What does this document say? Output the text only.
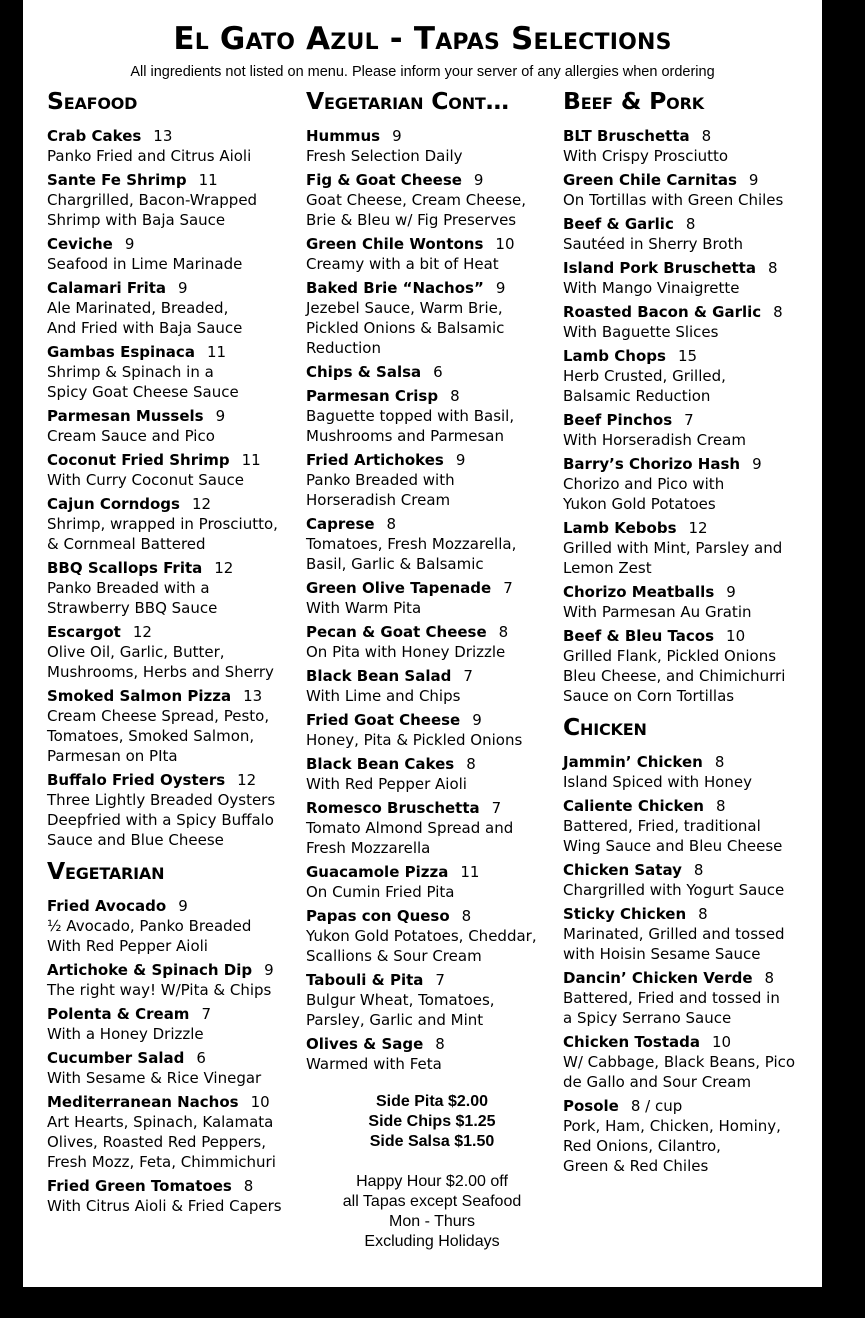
El Gato Azul - Tapas Selections
All ingredients not listed on menu. Please inform your server of any allergies when ordering
Seafood
Crab Cakes 13
Panko Fried and Citrus Aioli
Sante Fe Shrimp 11
Chargrilled, Bacon-Wrapped
Shrimp with Baja Sauce
Ceviche 9
Seafood in Lime Marinade
Calamari Frita 9
Ale Marinated, Breaded,
And Fried with Baja Sauce
Gambas Espinaca 11
Shrimp & Spinach in a
Spicy Goat Cheese Sauce
Parmesan Mussels 9
Cream Sauce and Pico
Coconut Fried Shrimp 11
With Curry Coconut Sauce
Cajun Corndogs 12
Shrimp, wrapped in Prosciutto,
& Cornmeal Battered
BBQ Scallops Frita 12
Panko Breaded with a
Strawberry BBQ Sauce
Escargot 12
Olive Oil, Garlic, Butter,
Mushrooms, Herbs and Sherry
Smoked Salmon Pizza 13
Cream Cheese Spread, Pesto,
Tomatoes, Smoked Salmon,
Parmesan on PIta
Buffalo Fried Oysters 12
Three Lightly Breaded Oysters
Deepfried with a Spicy Buffalo
Sauce and Blue Cheese
Vegetarian
Fried Avocado 9
½ Avocado, Panko Breaded
With Red Pepper Aioli
Artichoke & Spinach Dip 9
The right way! W/Pita & Chips
Polenta & Cream 7
With a Honey Drizzle
Cucumber Salad 6
With Sesame & Rice Vinegar
Mediterranean Nachos 10
Art Hearts, Spinach, Kalamata
Olives, Roasted Red Peppers,
Fresh Mozz, Feta, Chimmichuri
Fried Green Tomatoes 8
With Citrus Aioli & Fried Capers
Vegetarian Cont…
Hummus 9
Fresh Selection Daily
Fig & Goat Cheese 9
Goat Cheese, Cream Cheese,
Brie & Bleu w/ Fig Preserves
Green Chile Wontons 10
Creamy with a bit of Heat
Baked Brie “Nachos” 9
Jezebel Sauce, Warm Brie,
Pickled Onions & Balsamic
Reduction
Chips & Salsa 6
Parmesan Crisp 8
Baguette topped with Basil,
Mushrooms and Parmesan
Fried Artichokes 9
Panko Breaded with
Horseradish Cream
Caprese 8
Tomatoes, Fresh Mozzarella,
Basil, Garlic & Balsamic
Green Olive Tapenade 7
With Warm Pita
Pecan & Goat Cheese 8
On Pita with Honey Drizzle
Black Bean Salad 7
With Lime and Chips
Fried Goat Cheese 9
Honey, Pita & Pickled Onions
Black Bean Cakes 8
With Red Pepper Aioli
Romesco Bruschetta 7
Tomato Almond Spread and
Fresh Mozzarella
Guacamole Pizza 11
On Cumin Fried Pita
Papas con Queso 8
Yukon Gold Potatoes, Cheddar,
Scallions & Sour Cream
Tabouli & Pita 7
Bulgur Wheat, Tomatoes,
Parsley, Garlic and Mint
Olives & Sage 8
Warmed with Feta
Side Pita $2.00
Side Chips $1.25
Side Salsa $1.50
Happy Hour $2.00 off
all Tapas except Seafood
Mon - Thurs
Excluding Holidays
Beef & Pork
BLT Bruschetta 8
With Crispy Prosciutto
Green Chile Carnitas 9
On Tortillas with Green Chiles
Beef & Garlic 8
Sautéed in Sherry Broth
Island Pork Bruschetta 8
With Mango Vinaigrette
Roasted Bacon & Garlic 8
With Baguette Slices
Lamb Chops 15
Herb Crusted, Grilled,
Balsamic Reduction
Beef Pinchos 7
With Horseradish Cream
Barry’s Chorizo Hash 9
Chorizo and Pico with
Yukon Gold Potatoes
Lamb Kebobs 12
Grilled with Mint, Parsley and
Lemon Zest
Chorizo Meatballs 9
With Parmesan Au Gratin
Beef & Bleu Tacos 10
Grilled Flank, Pickled Onions
Bleu Cheese, and Chimichurri
Sauce on Corn Tortillas
Chicken
Jammin’ Chicken 8
Island Spiced with Honey
Caliente Chicken 8
Battered, Fried, traditional
Wing Sauce and Bleu Cheese
Chicken Satay 8
Chargrilled with Yogurt Sauce
Sticky Chicken 8
Marinated, Grilled and tossed
with Hoisin Sesame Sauce
Dancin’ Chicken Verde 8
Battered, Fried and tossed in
a Spicy Serrano Sauce
Chicken Tostada 10
W/ Cabbage, Black Beans, Pico
de Gallo and Sour Cream
Posole 8 / cup
Pork, Ham, Chicken, Hominy,
Red Onions, Cilantro,
Green & Red Chiles
